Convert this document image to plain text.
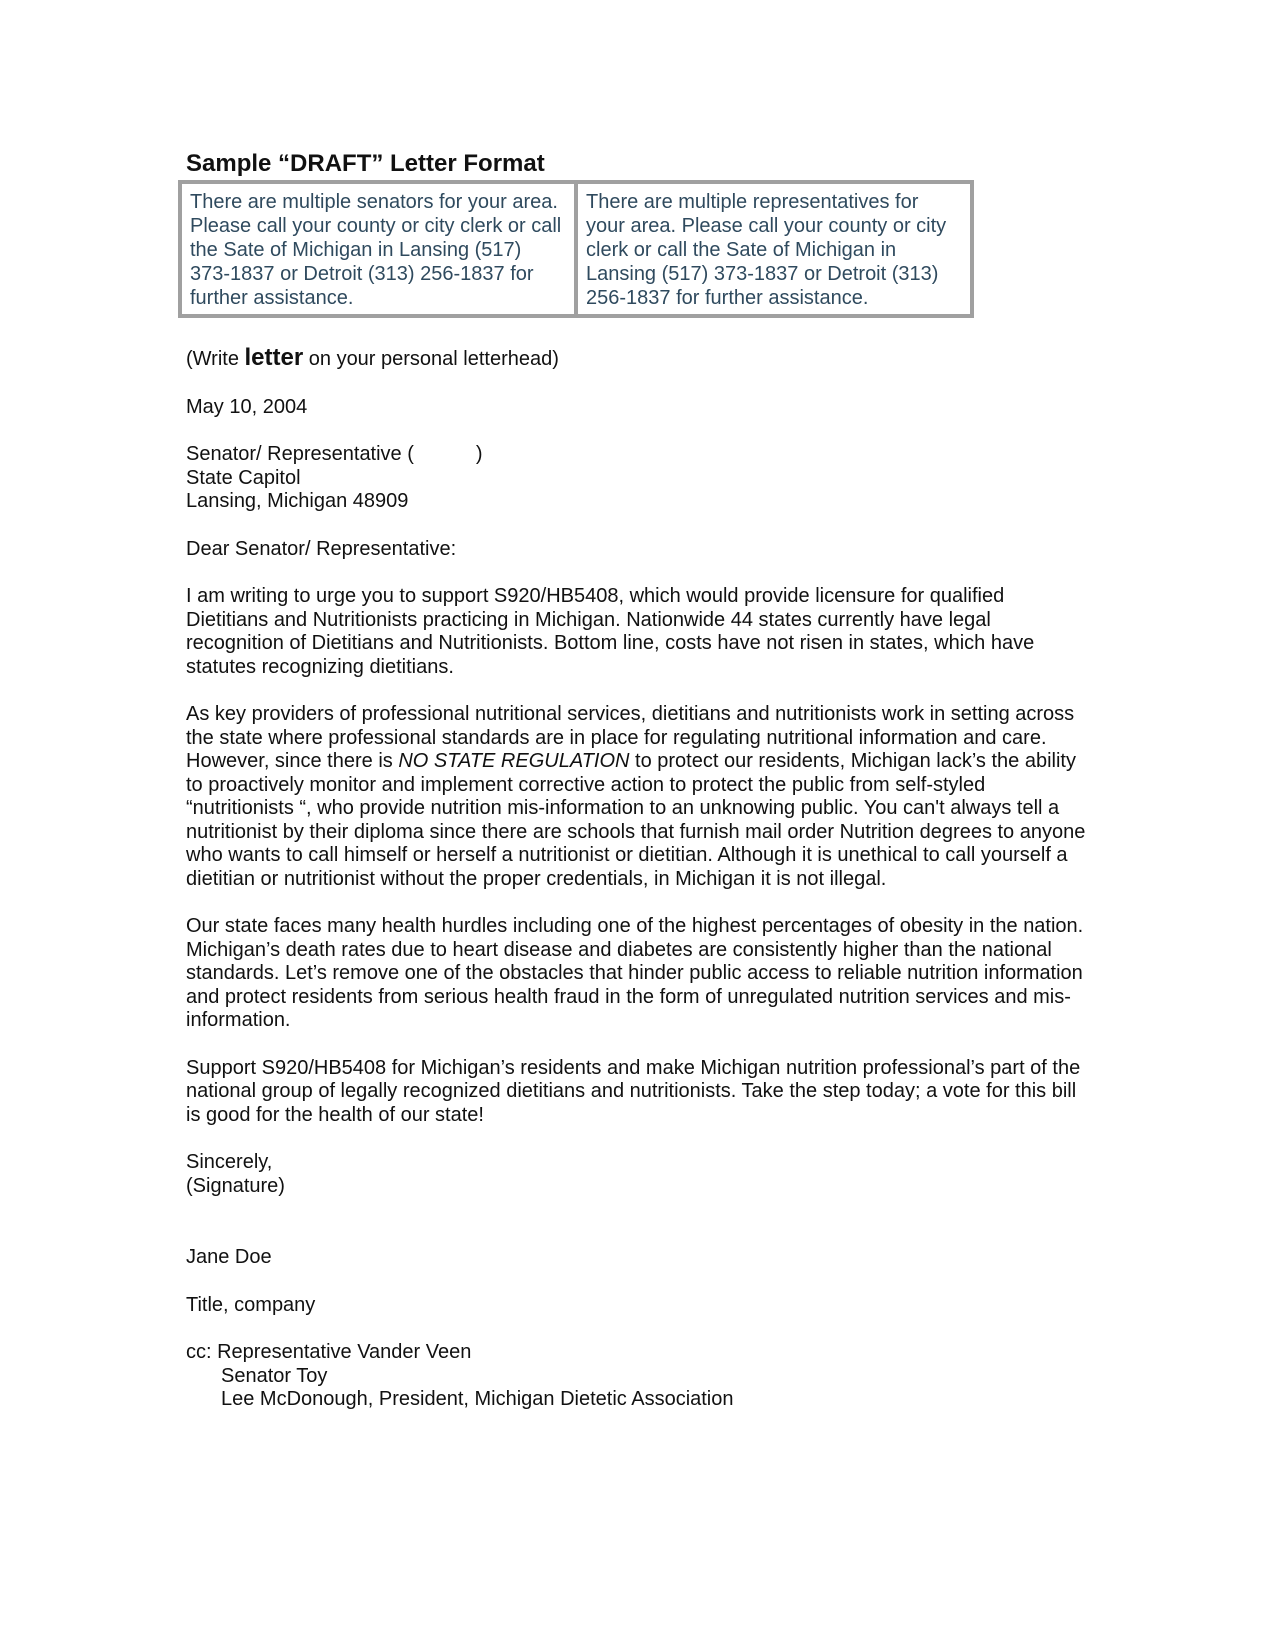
Sample “DRAFT” Letter Format
There are multiple senators for your area. Please call your county or city clerk or call the Sate of Michigan in Lansing (517) 373-1837 or Detroit (313) 256-1837 for further assistance.	There are multiple representatives for your area. Please call your county or city clerk or call the Sate of Michigan in Lansing (517) 373-1837 or Detroit (313) 256-1837 for further assistance.
(Write letter on your personal letterhead)
May 10, 2004
Senator/ Representative (	)
State Capitol
Lansing, Michigan 48909
Dear Senator/ Representative:
I am writing to urge you to support S920/HB5408, which would provide licensure for qualified Dietitians and Nutritionists practicing in Michigan. Nationwide 44 states currently have legal recognition of Dietitians and Nutritionists. Bottom line, costs have not risen in states, which have statutes recognizing dietitians.
As key providers of professional nutritional services, dietitians and nutritionists work in setting across the state where professional standards are in place for regulating nutritional information and care. However, since there is NO STATE REGULATION to protect our residents, Michigan lack’s the ability to proactively monitor and implement corrective action to protect the public from self-styled “nutritionists “, who provide nutrition mis-information to an unknowing public. You can't always tell a nutritionist by their diploma since there are schools that furnish mail order Nutrition degrees to anyone who wants to call himself or herself a nutritionist or dietitian. Although it is unethical to call yourself a dietitian or nutritionist without the proper credentials, in Michigan it is not illegal.
Our state faces many health hurdles including one of the highest percentages of obesity in the nation. Michigan’s death rates due to heart disease and diabetes are consistently higher than the national standards. Let’s remove one of the obstacles that hinder public access to reliable nutrition information and protect residents from serious health fraud in the form of unregulated nutrition services and mis-information.
Support S920/HB5408 for Michigan’s residents and make Michigan nutrition professional’s part of the national group of legally recognized dietitians and nutritionists. Take the step today; a vote for this bill is good for the health of our state!
Sincerely,
(Signature)
Jane Doe
Title, company
cc: Representative Vander Veen
Senator Toy
Lee McDonough, President, Michigan Dietetic Association
